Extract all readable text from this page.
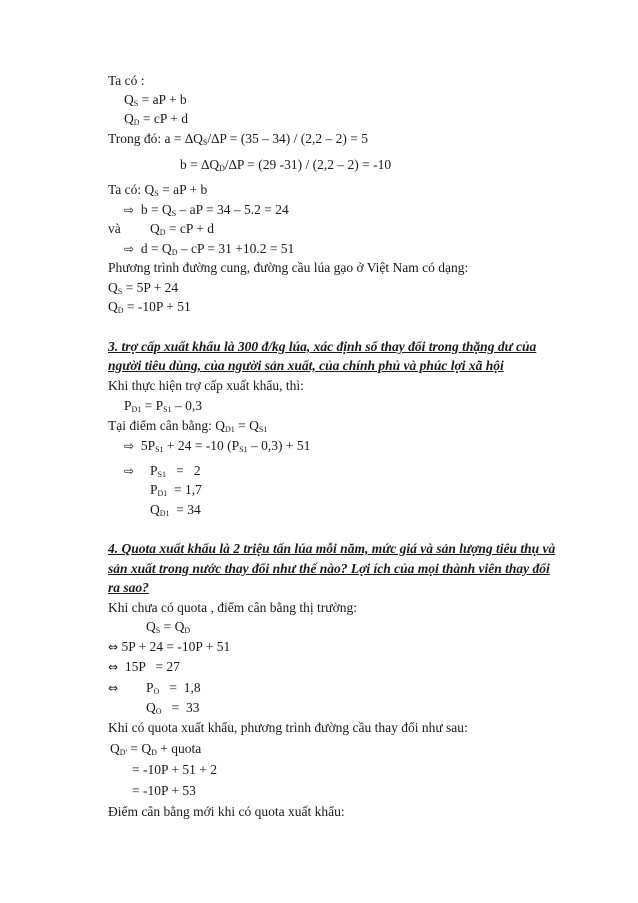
Ta có :
$Q_S$ = aP + b
$Q_D$ = cP + d
Trong đó: $a = \Delta Q_S/\Delta P = (35 - 34) / (2,2 - 2) = 5$
$b = \Delta Q_D/\Delta P = (29$ -31) / (2,2 – 2) = -10
Ta có: $Q_S$ = aP + b
⇨  $b = Q_S$ – aP = 34 – 5.2 = 24
và $Q_D$ = cP + d
⇨  $d = Q_D$ – cP = 31 +10.2 = 51
Phương trình đường cung, đường cầu lúa gạo ở Việt Nam có dạng:
$Q_S = 5P + 24$
$Q_D = -10P + 51$
3. trợ cấp xuất khẩu là 300 đ/kg lúa, xác định số thay đổi trong thặng dư của
người tiêu dùng, của người sản xuất, của chính phủ và phúc lợi xã hội
Khi thực hiện trợ cấp xuất khẩu, thì:
$P_{D1} = P_{S1} - 0,3$
Tại điểm cân bằng: $Q_{D1} = Q_{S1}$
⇨  $5P_{S1} + 24 = -10$ $(P_{S1} - 0,3) + 51$
⇨ $P_{S1} = 2$
$P_{D1} = 1,7$
$Q_{D1} = 34$
4. Quota xuất khẩu là 2 triệu tấn lúa mỗi năm, mức giá và sản lượng tiêu thụ và
sản xuất trong nước thay đổi như thế nào? Lợi ích của mọi thành viên thay đổi
ra sao?
Khi chưa có quota , điểm cân bằng thị trường:
$Q_S = Q_D$
⇔ 5P + 24 = -10P + 51
⇔  15P   = 27
⇔ $P_O = 1,8$
$Q_O = 33$
Khi có quota xuất khẩu, phương trình đường cầu thay đổi như sau:
$Q_{D'} = Q_D$ + quota
= -10P + 51 + 2
= -10P + 53
Điểm cân bằng mới khi có quota xuất khẩu:
